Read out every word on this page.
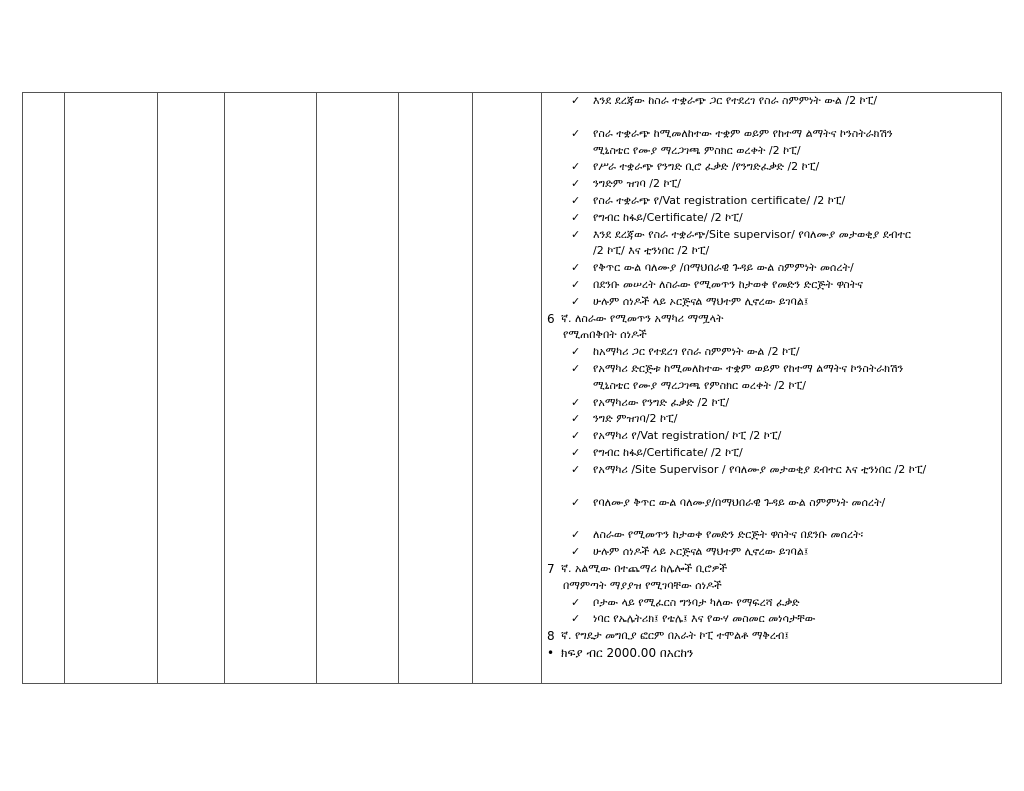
✓ እንደ ደረጃው ከስራ ተቋራጭ ጋር የተደረገ የስራ ስምምነት ውል /2 ኮፒ/
✓ የስራ ተቋራጭ ከሚመለከተው ተቋም ወይም የከተማ ልማትና ኮንስትራክሽን
ሚኒስቴር የሙያ ማረጋገጫ ምስክር ወረቀት /2 ኮፒ/
✓ የሥራ ተቋራጭ የንግድ ቢሮ ፈቃድ /የንግድፈቃድ /2 ኮፒ/
✓ ንግድም ዝገባ /2 ኮፒ/
✓ የስራ ተቋራጭ የ/Vat registration certificate/ /2 ኮፒ/
✓ የግብር ከፋይ/Certificate/ /2 ኮፒ/
✓ እንደ ደረጃው የስራ ተቋራጭ/Site supervisor/ የባለሙያ መታወቂያ ደብተር
/2 ኮፒ/ እና ቲንነበር /2 ኮፒ/
✓ የቅጥር ውል ባለሙያ /በማህበራዊ ጉዳይ ውል ስምምነት መሰረት/
✓ በደንቡ መሠረት ለስራው የሚመጥን ከታወቀ የመድን ድርጅት ዋስትና
✓ ሁሉም ሰነዶች ላይ ኦርጅናል ማህተም ሊኖረው ይገባል፤
6 ኛ. ለስራው የሚመጥን አማካሪ ማሟላት
የሚጠበቅበት ሰነዶች
✓ ከአማካሪ ጋር የተደረገ የስራ ስምምነት ውል /2 ኮፒ/
✓ የአማካሪ ድርጅቱ ከሚመለከተው ተቋም ወይም የከተማ ልማትና ኮንስትራክሽን
ሚኒስቴር የሙያ ማረጋገጫ የምስክር ወረቀት /2 ኮፒ/
✓ የአማካሪው የንግድ ፈቃድ /2 ኮፒ/
✓ ንግድ ምዝገባ/2 ኮፒ/
✓ የአማካሪ የ/Vat registration/ ኮፒ /2 ኮፒ/
✓ የግብር ከፋይ/Certificate/ /2 ኮፒ/
✓ የአማካሪ /Site Supervisor / የባለሙያ መታወቂያ ደብተር እና ቲንነበር /2 ኮፒ/
✓ የባለሙያ ቅጥር ውል ባለሙያ/በማህበራዊ ጉዳይ ውል ስምምነት መሰረት/
✓ ለስራው የሚመጥን ከታወቀ የመድን ድርጅት ዋስትና በደንቡ መሰረት፡
✓ ሁሉም ሰነዶች ላይ ኦርጅናል ማህተም ሊኖረው ይገባል፤
7 ኛ. አልሚው በተጨማሪ ከሌሎች ቢሮዎች
በማምጣት ማያያዝ የሚገባቸው ሰነዶች
✓ ቦታው ላይ የሚፈርስ ግንባታ ካለው የማፍረሻ ፈቃድ
✓ ነባር የኤሌትሪክ፤ የቴሌ፤ እና የውሃ መስመር መነሳታቸው
8 ኛ. የግዴታ መግቢያ ፎርም በአራት ኮፒ ተሞልቶ ማቅረብ፤
• ክፍያ ብር 2000.00 በአርከን
